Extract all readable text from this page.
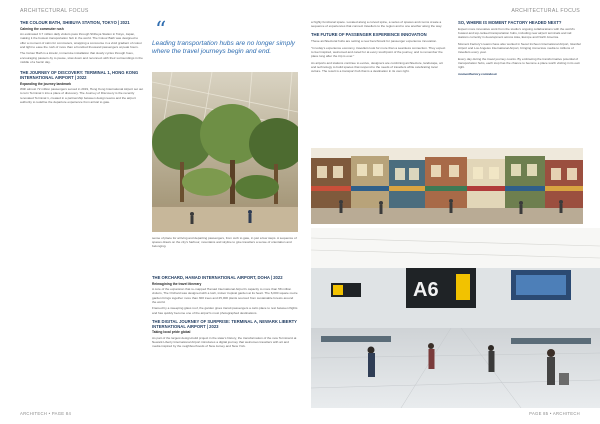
ARCHITECTURAL FOCUS	ARCHITECTURAL FOCUS
ARCHITECH • PAGE 84	PAGE 85 • ARCHITECH
THE COLOUR BATH, SHIBUYA STATION, TOKYO | 2021
Calming the commuter rush

An estimated 3.7 million daily visitors pass through Shibuya Station in Tokyo, Japan, making it the busiest transportation hub in the world. The Colour Bath was designed to offer a moment of calm for commuters, wrapping a concourse in a vivid gradient of colour and light to ease the rush of more than a hundred thousand passengers at peak hours.

The Colour Bath is a kinetic, immersive installation that slowly cycles through hues, encouraging passers-by to pause, slow down and reconnect with their surroundings in the middle of a hectic day.

THE JOURNEY OF DISCOVERY: TERMINAL 1, HONG KONG INTERNATIONAL AIRPORT | 2022
Expanding the journey landmark

With almost 72 million passengers served in 2019, Hong Kong International Airport set out to turn Terminal 1 into a place of discovery. The Journey of Discovery is the recently renovated Terminal 1, created in a partnership between design teams and the airport authority to redefine the departure experience from arrival to gate.

“
Leading transportation hubs are no longer simply where the travel journeys begin and end.

sense of place for arriving and departing passengers, from curb to gate, in just a few steps. A sequence of spaces draws on the city's harbour, mountains and skyline to give travellers a sense of orientation and belonging.

THE ORCHARD, HAMAD INTERNATIONAL AIRPORT, DOHA | 2022
Reimagining the travel itinerary

A core of the expansion that re-mapped Hamad International Airport's capacity to more than 58 million visitors, The Orchard was designed with a lush, indoor tropical garden at its heart. The 6,000 square metre garden brings together more than 300 trees and 25,000 plants sourced from sustainable forests around the world.

Framed by a sweeping glass roof, the garden gives transit passengers a calm place to rest between flights and has quickly become one of the airport's most photographed destinations.

THE DIGITAL JOURNEY OF SURPRISE: TERMINAL A, NEWARK LIBERTY INTERNATIONAL AIRPORT | 2023
Taking local pride global

As part of the largest design-build project in the state's history, the transformation of the new Terminal A at Newark Liberty International Airport introduces a digital journey that welcomes travellers with art and media inspired by the neighbourhoods of New Jersey and New York.

a highly functional space. Located along a curved spine, a series of spaces and rooms create a sequence of experiences that connect travellers to the region and to one another along the way.

THE FUTURE OF PASSENGER EXPERIENCE INNOVATION

These architectural hubs are setting a new benchmark for passenger experience innovation.

"In today's experience economy, travellers look for more than a seamless connection. They expect to feel inspired, welcomed and cared for at every touchpoint of the journey, and to remember the place long after the trip is over."

As airports and stations continue to evolve, designers are combining architecture, landscape, art and technology to build spaces that respond to the needs of travellers while celebrating local culture. The result is a transport hub that is a destination in its own right.

SO, WHERE IS MOMENT FACTORY HEADED NEXT?

Expect more innovative work from the studio's ongoing collaborations with the world's busiest and top-ranked transportation hubs, including new airport terminals and rail stations currently in development across Asia, Europe and North America.

Moment Factory's teams have also worked in Seoul Incheon International Airport, Istanbul Airport and Los Angeles International Airport, bringing immersive media to millions of travellers every year.

Every day during the travel journey counts. By embracing the transformative potential of transportation hubs, each stop has the chance to become a place worth visiting in its own right.

momentfactory.com/about

A6
